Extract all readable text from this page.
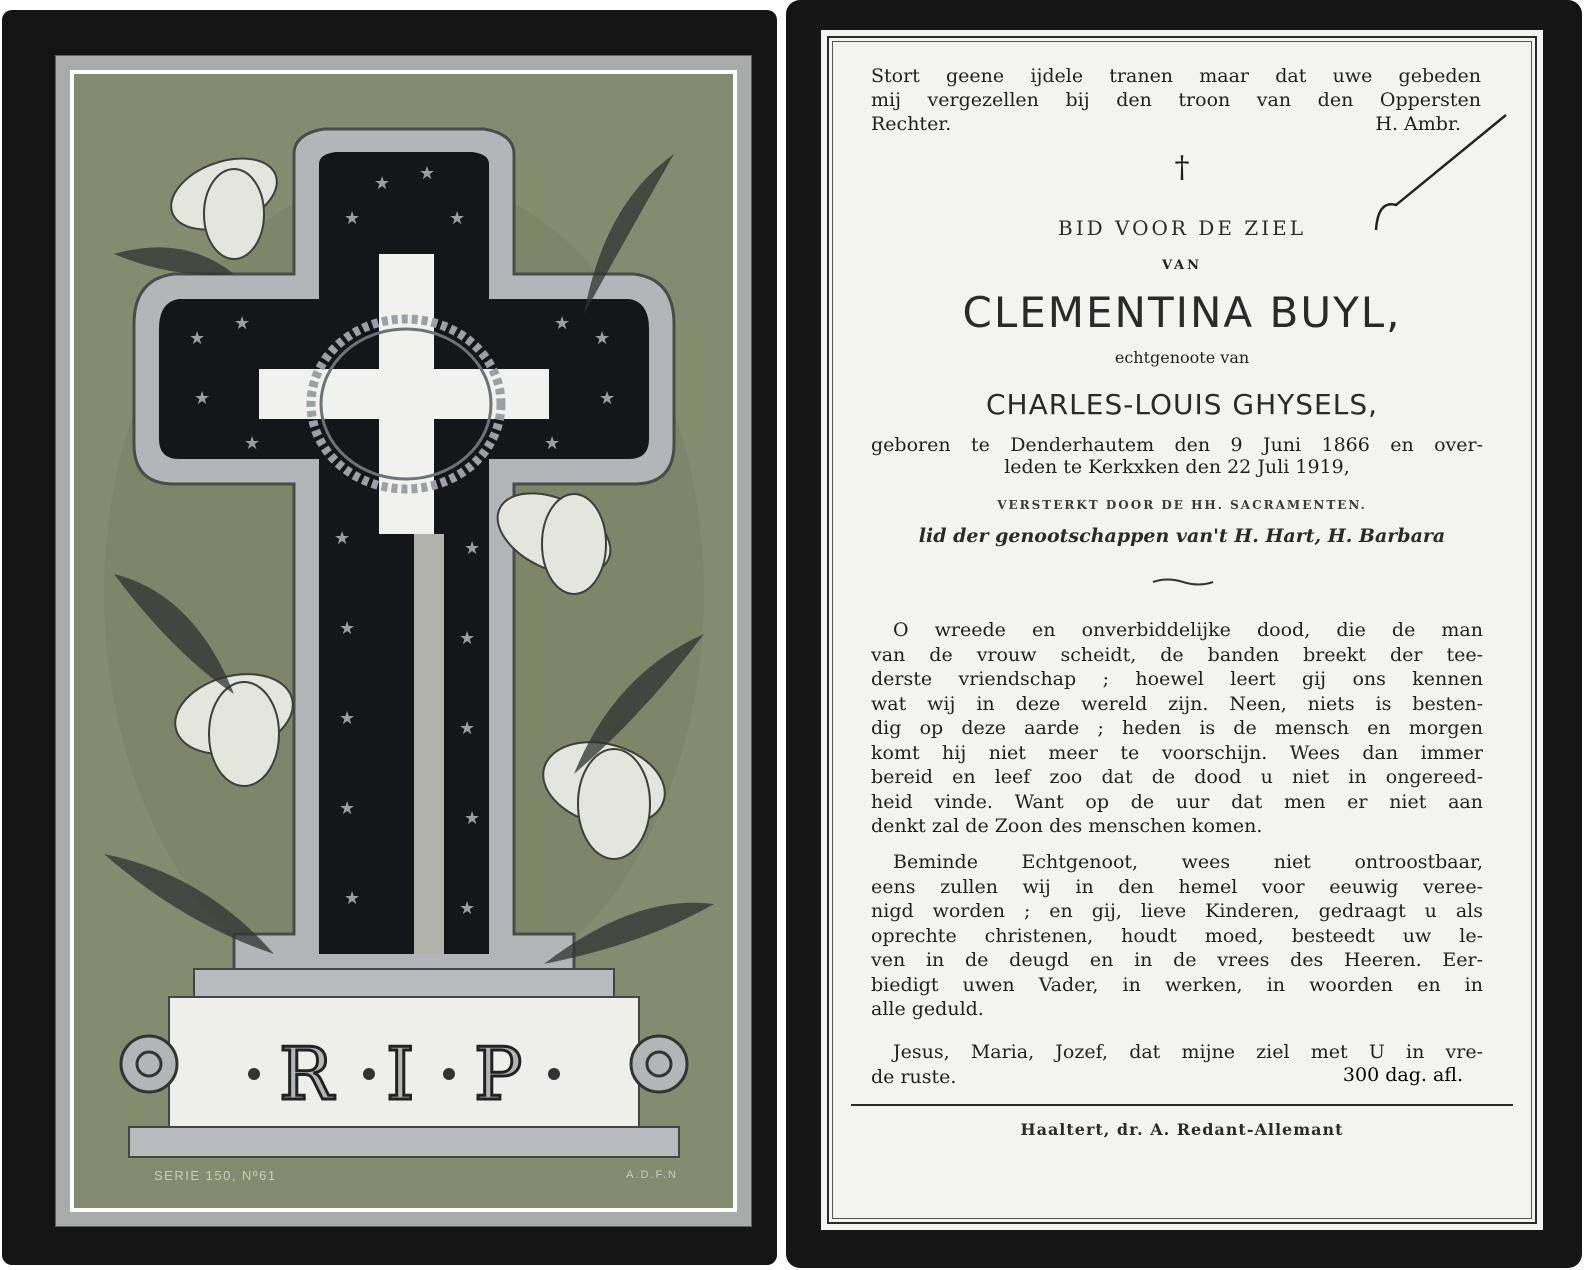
★ ★
★	★
★
★
★
★
★	★
★	★
★	★
★	★
★	★
★	★
★	★
R I P
SERIE 150, Nº61	A.D.F.N
Stort geene ijdele tranen maar dat uwe gebeden
mij vergezellen bij den troon van den Oppersten
Rechter.	H. Ambr.
†
BID VOOR DE ZIEL
VAN
CLEMENTINA BUYL,
echtgenoote van
CHARLES-LOUIS GHYSELS,
geboren te Denderhautem den 9 Juni 1866 en over-
leden te Kerkxken den 22 Juli 1919,
VERSTERKT DOOR DE HH. SACRAMENTEN.
lid der genootschappen van't H. Hart, H. Barbara
O wreede en onverbiddelijke dood, die de man
van de vrouw scheidt, de banden breekt der tee-
derste vriendschap ; hoewel leert gij ons kennen
wat wij in deze wereld zijn. Neen, niets is besten-
dig op deze aarde ; heden is de mensch en morgen
komt hij niet meer te voorschijn. Wees dan immer
bereid en leef zoo dat de dood u niet in ongereed-
heid vinde. Want op de uur dat men er niet aan
denkt zal de Zoon des menschen komen.
Beminde Echtgenoot, wees niet ontroostbaar,
eens zullen wij in den hemel voor eeuwig veree-
nigd worden ; en gij, lieve Kinderen, gedraagt u als
oprechte christenen, houdt moed, besteedt uw le-
ven in de deugd en in de vrees des Heeren. Eer-
biedigt uwen Vader, in werken, in woorden en in
alle geduld.
Jesus, Maria, Jozef, dat mijne ziel met U in vre-
de ruste.	300 dag. afl.
Haaltert, dr. A. Redant-Allemant
